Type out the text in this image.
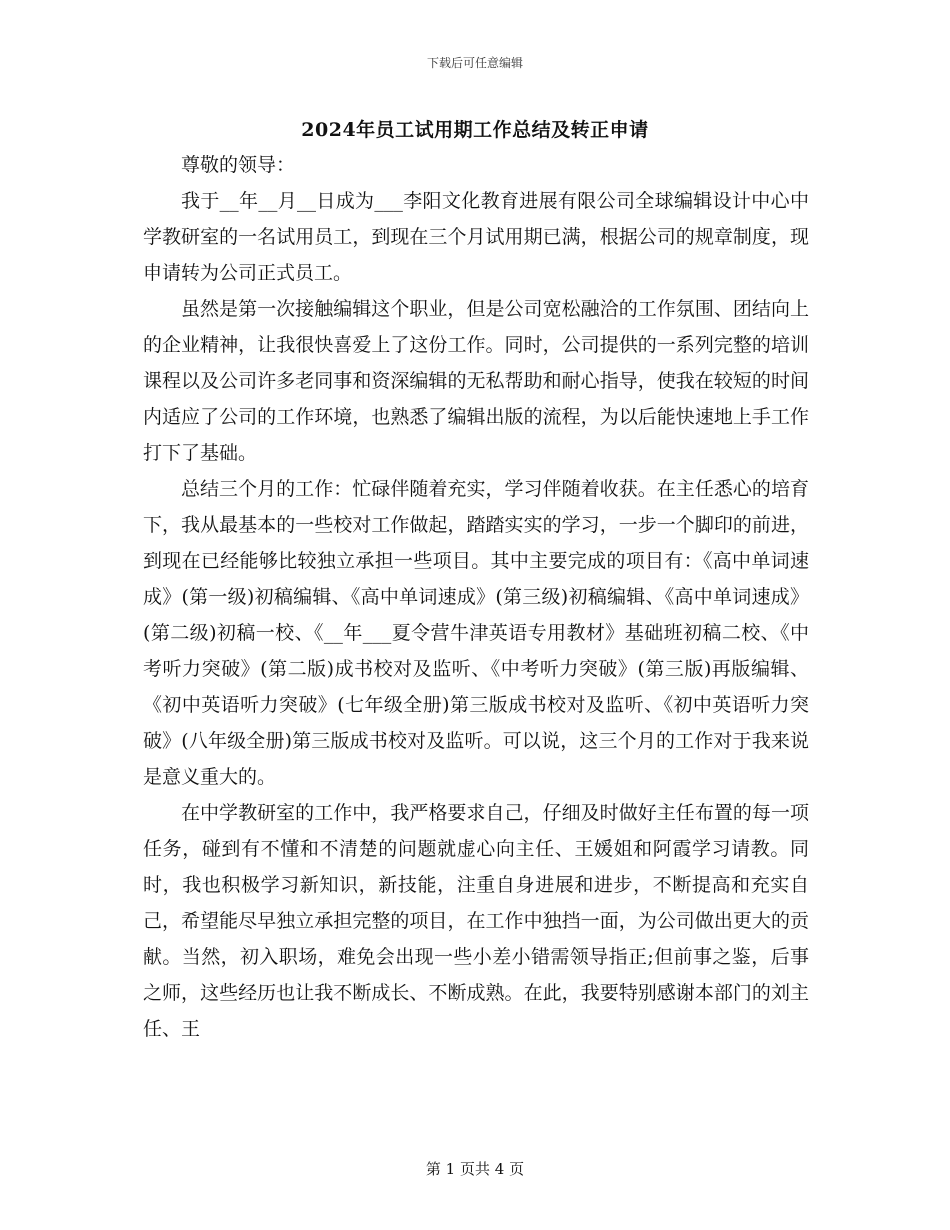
下载后可任意编辑
2024年员工试用期工作总结及转正申请

尊敬的领导：

我于__年__月__日成为___李阳文化教育进展有限公司全球编辑设计中心中学教研室的一名试用员工，到现在三个月试用期已满，根据公司的规章制度，现申请转为公司正式员工。

虽然是第一次接触编辑这个职业，但是公司宽松融洽的工作氛围、团结向上的企业精神，让我很快喜爱上了这份工作。同时，公司提供的一系列完整的培训课程以及公司许多老同事和资深编辑的无私帮助和耐心指导，使我在较短的时间内适应了公司的工作环境，也熟悉了编辑出版的流程，为以后能快速地上手工作打下了基础。

总结三个月的工作：忙碌伴随着充实，学习伴随着收获。在主任悉心的培育下，我从最基本的一些校对工作做起，踏踏实实的学习，一步一个脚印的前进，到现在已经能够比较独立承担一些项目。其中主要完成的项目有：《高中单词速成》(第一级)初稿编辑、《高中单词速成》(第三级)初稿编辑、《高中单词速成》(第二级)初稿一校、《__年___夏令营牛津英语专用教材》基础班初稿二校、《中考听力突破》(第二版)成书校对及监听、《中考听力突破》(第三版)再版编辑、《初中英语听力突破》(七年级全册)第三版成书校对及监听、《初中英语听力突破》(八年级全册)第三版成书校对及监听。可以说，这三个月的工作对于我来说是意义重大的。

在中学教研室的工作中，我严格要求自己，仔细及时做好主任布置的每一项任务，碰到有不懂和不清楚的问题就虚心向主任、王媛姐和阿霞学习请教。同时，我也积极学习新知识，新技能，注重自身进展和进步，不断提高和充实自己，希望能尽早独立承担完整的项目，在工作中独挡一面，为公司做出更大的贡献。当然，初入职场，难免会出现一些小差小错需领导指正;但前事之鉴，后事之师，这些经历也让我不断成长、不断成熟。在此，我要特别感谢本部门的刘主任、王

第 1 页共 4 页
